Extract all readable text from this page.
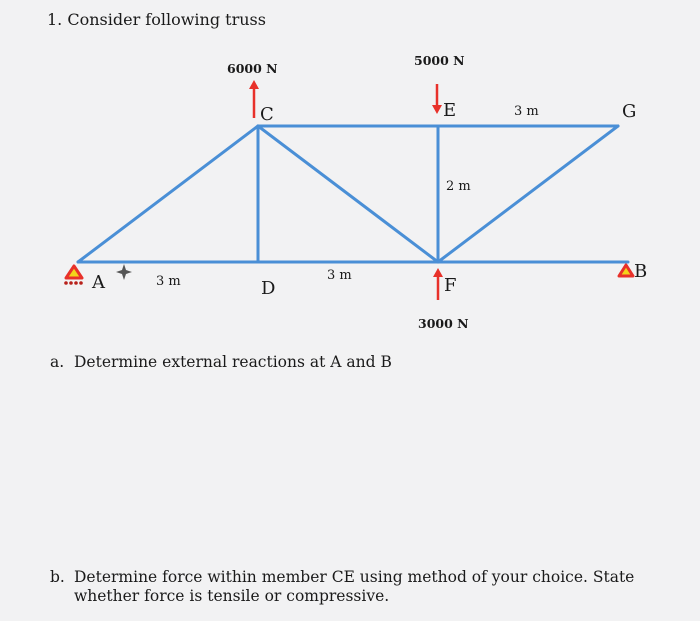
1. Consider following truss
A
B
C
D
E
F
G
3 m	3 m
3 m
2 m
6000 N
5000 N
3000 N
a. Determine external reactions at A and B
b. Determine force within member CE using method of your choice. State whether force is tensile or compressive.
